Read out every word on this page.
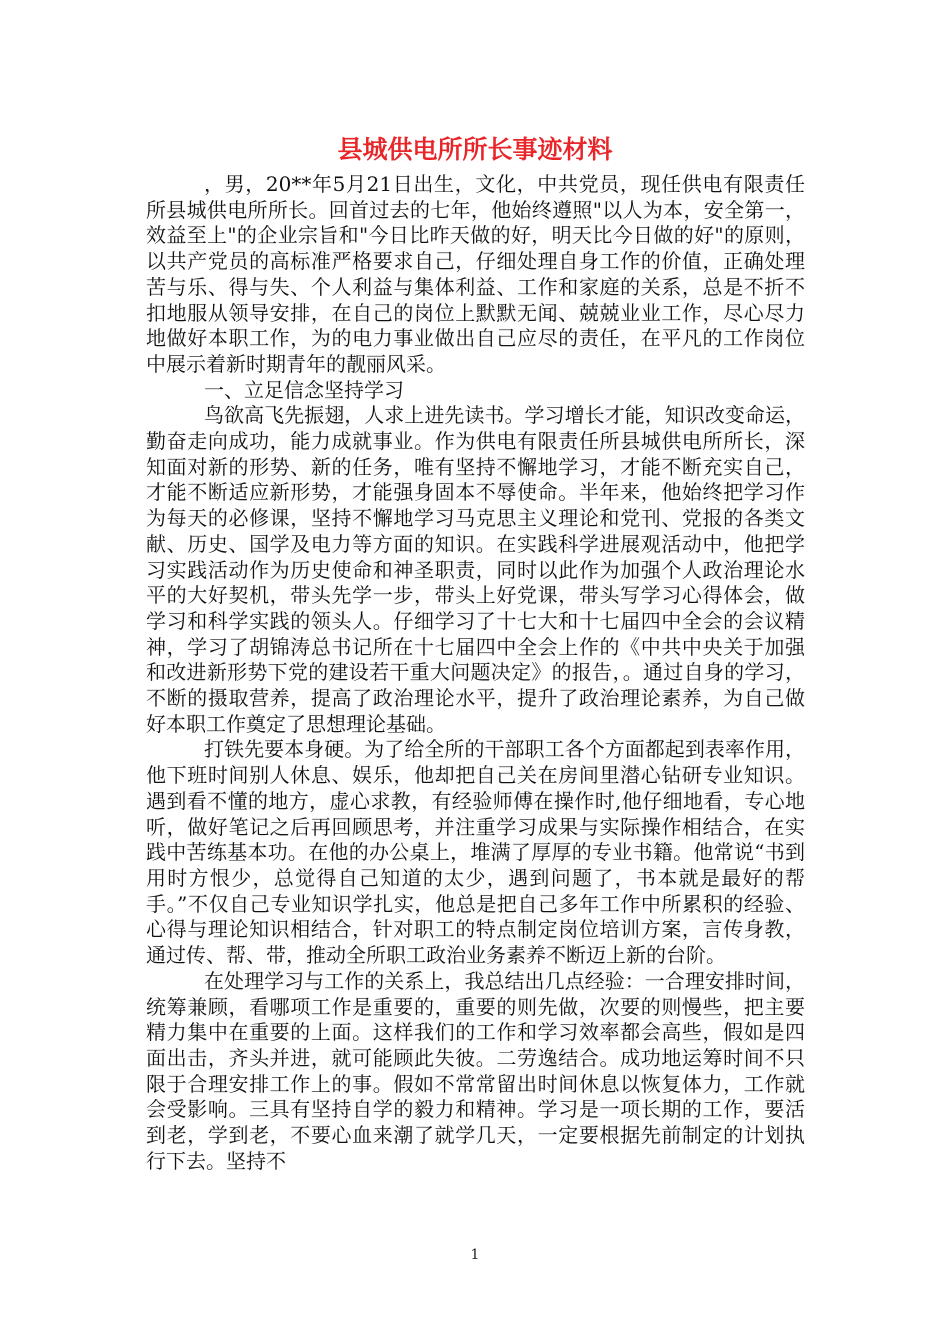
县城供电所所长事迹材料

，男，20**年5月21日出生，文化，中共党员，现任供电有限责任所县城供电所所长。回首过去的七年，他始终遵照"以人为本，安全第一，效益至上"的企业宗旨和"今日比昨天做的好，明天比今日做的好"的原则，以共产党员的高标准严格要求自己，仔细处理自身工作的价值，正确处理苦与乐、得与失、个人利益与集体利益、工作和家庭的关系，总是不折不扣地服从领导安排，在自己的岗位上默默无闻、兢兢业业工作，尽心尽力地做好本职工作，为的电力事业做出自己应尽的责任，在平凡的工作岗位中展示着新时期青年的靓丽风采。

一、立足信念坚持学习

鸟欲高飞先振翅，人求上进先读书。学习增长才能，知识改变命运，勤奋走向成功，能力成就事业。作为供电有限责任所县城供电所所长，深知面对新的形势、新的任务，唯有坚持不懈地学习，才能不断充实自己，才能不断适应新形势，才能强身固本不辱使命。半年来，他始终把学习作为每天的必修课，坚持不懈地学习马克思主义理论和党刊、党报的各类文献、历史、国学及电力等方面的知识。在实践科学进展观活动中，他把学习实践活动作为历史使命和神圣职责，同时以此作为加强个人政治理论水平的大好契机，带头先学一步，带头上好党课，带头写学习心得体会，做学习和科学实践的领头人。仔细学习了十七大和十七届四中全会的会议精神，学习了胡锦涛总书记所在十七届四中全会上作的《中共中央关于加强和改进新形势下党的建设若干重大问题决定》的报告，。通过自身的学习，不断的摄取营养，提高了政治理论水平，提升了政治理论素养，为自己做好本职工作奠定了思想理论基础。

打铁先要本身硬。为了给全所的干部职工各个方面都起到表率作用，他下班时间别人休息、娱乐，他却把自己关在房间里潜心钻研专业知识。遇到看不懂的地方，虚心求教，有经验师傅在操作时,他仔细地看，专心地听，做好笔记之后再回顾思考，并注重学习成果与实际操作相结合，在实践中苦练基本功。在他的办公桌上，堆满了厚厚的专业书籍。他常说“书到用时方恨少，总觉得自己知道的太少，遇到问题了，书本就是最好的帮手。”不仅自己专业知识学扎实，他总是把自己多年工作中所累积的经验、心得与理论知识相结合，针对职工的特点制定岗位培训方案，言传身教，通过传、帮、带，推动全所职工政治业务素养不断迈上新的台阶。

在处理学习与工作的关系上，我总结出几点经验：一合理安排时间，统筹兼顾，看哪项工作是重要的，重要的则先做，次要的则慢些，把主要精力集中在重要的上面。这样我们的工作和学习效率都会高些，假如是四面出击，齐头并进，就可能顾此失彼。二劳逸结合。成功地运筹时间不只限于合理安排工作上的事。假如不常常留出时间休息以恢复体力，工作就会受影响。三具有坚持自学的毅力和精神。学习是一项长期的工作，要活到老，学到老，不要心血来潮了就学几天，一定要根据先前制定的计划执行下去。坚持不

1
